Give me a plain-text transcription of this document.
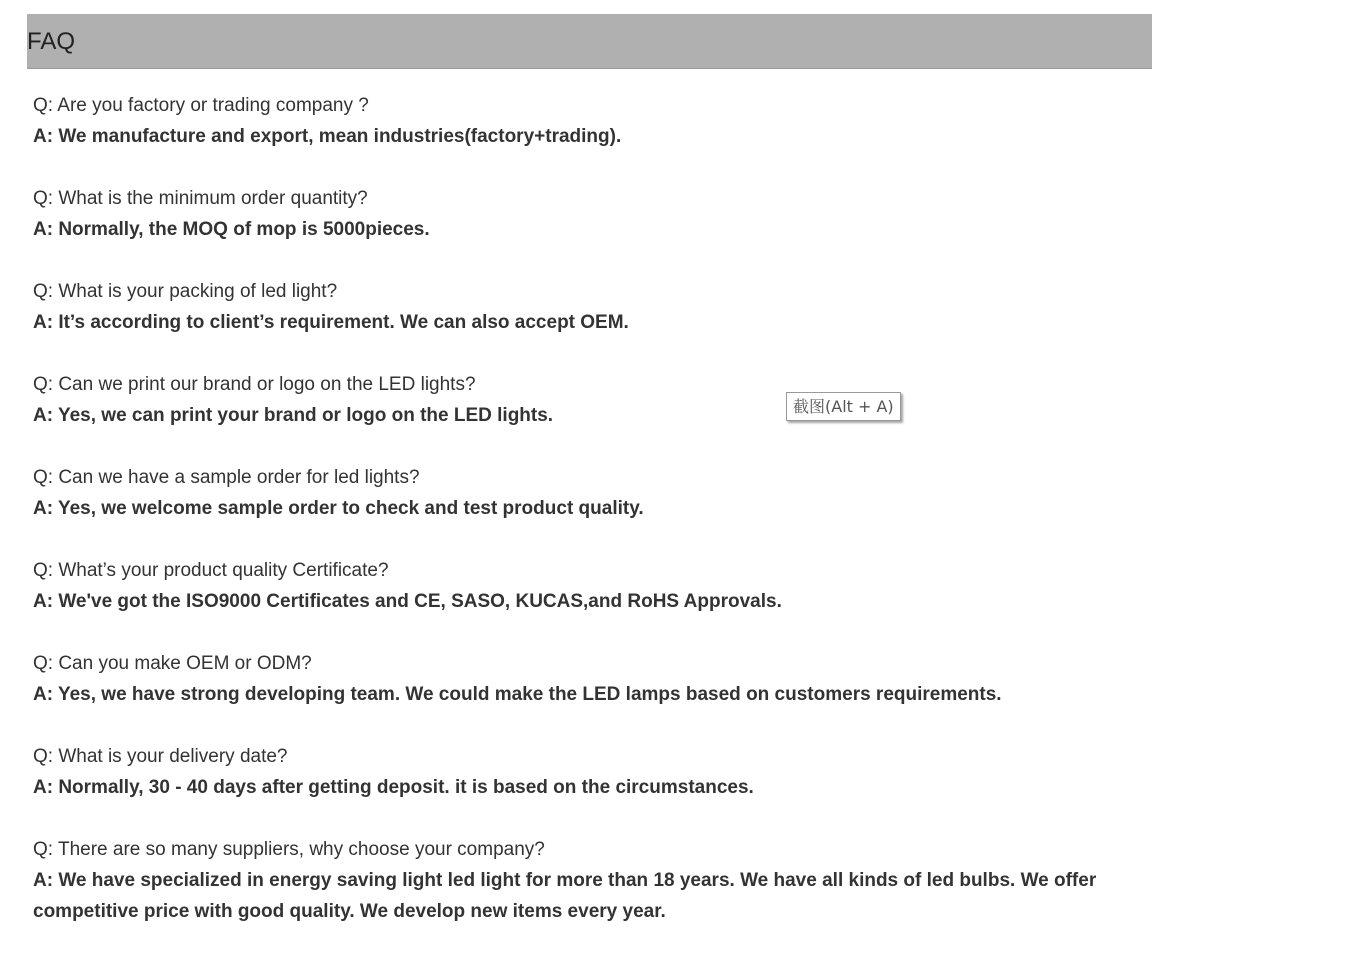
FAQ
Q: Are you factory or trading company ?
A: We manufacture and export, mean industries(factory+trading).
Q: What is the minimum order quantity?
A: Normally, the MOQ of mop is 5000pieces.
Q: What is your packing of led light?
A: It’s according to client’s requirement. We can also accept OEM.
Q: Can we print our brand or logo on the LED lights?
A: Yes, we can print your brand or logo on the LED lights.
Q: Can we have a sample order for led lights?
A: Yes, we welcome sample order to check and test product quality.
Q: What’s your product quality Certificate?
A: We've got the ISO9000 Certificates and CE, SASO, KUCAS,and RoHS Approvals.
Q: Can you make OEM or ODM?
A: Yes, we have strong developing team. We could make the LED lamps based on customers requirements.
Q: What is your delivery date?
A: Normally, 30 - 40 days after getting deposit. it is based on the circumstances.
Q: There are so many suppliers, why choose your company?
A: We have specialized in energy saving light led light for more than 18 years. We have all kinds of led bulbs. We offer competitive price with good quality. We develop new items every year.
截图(Alt + A)
